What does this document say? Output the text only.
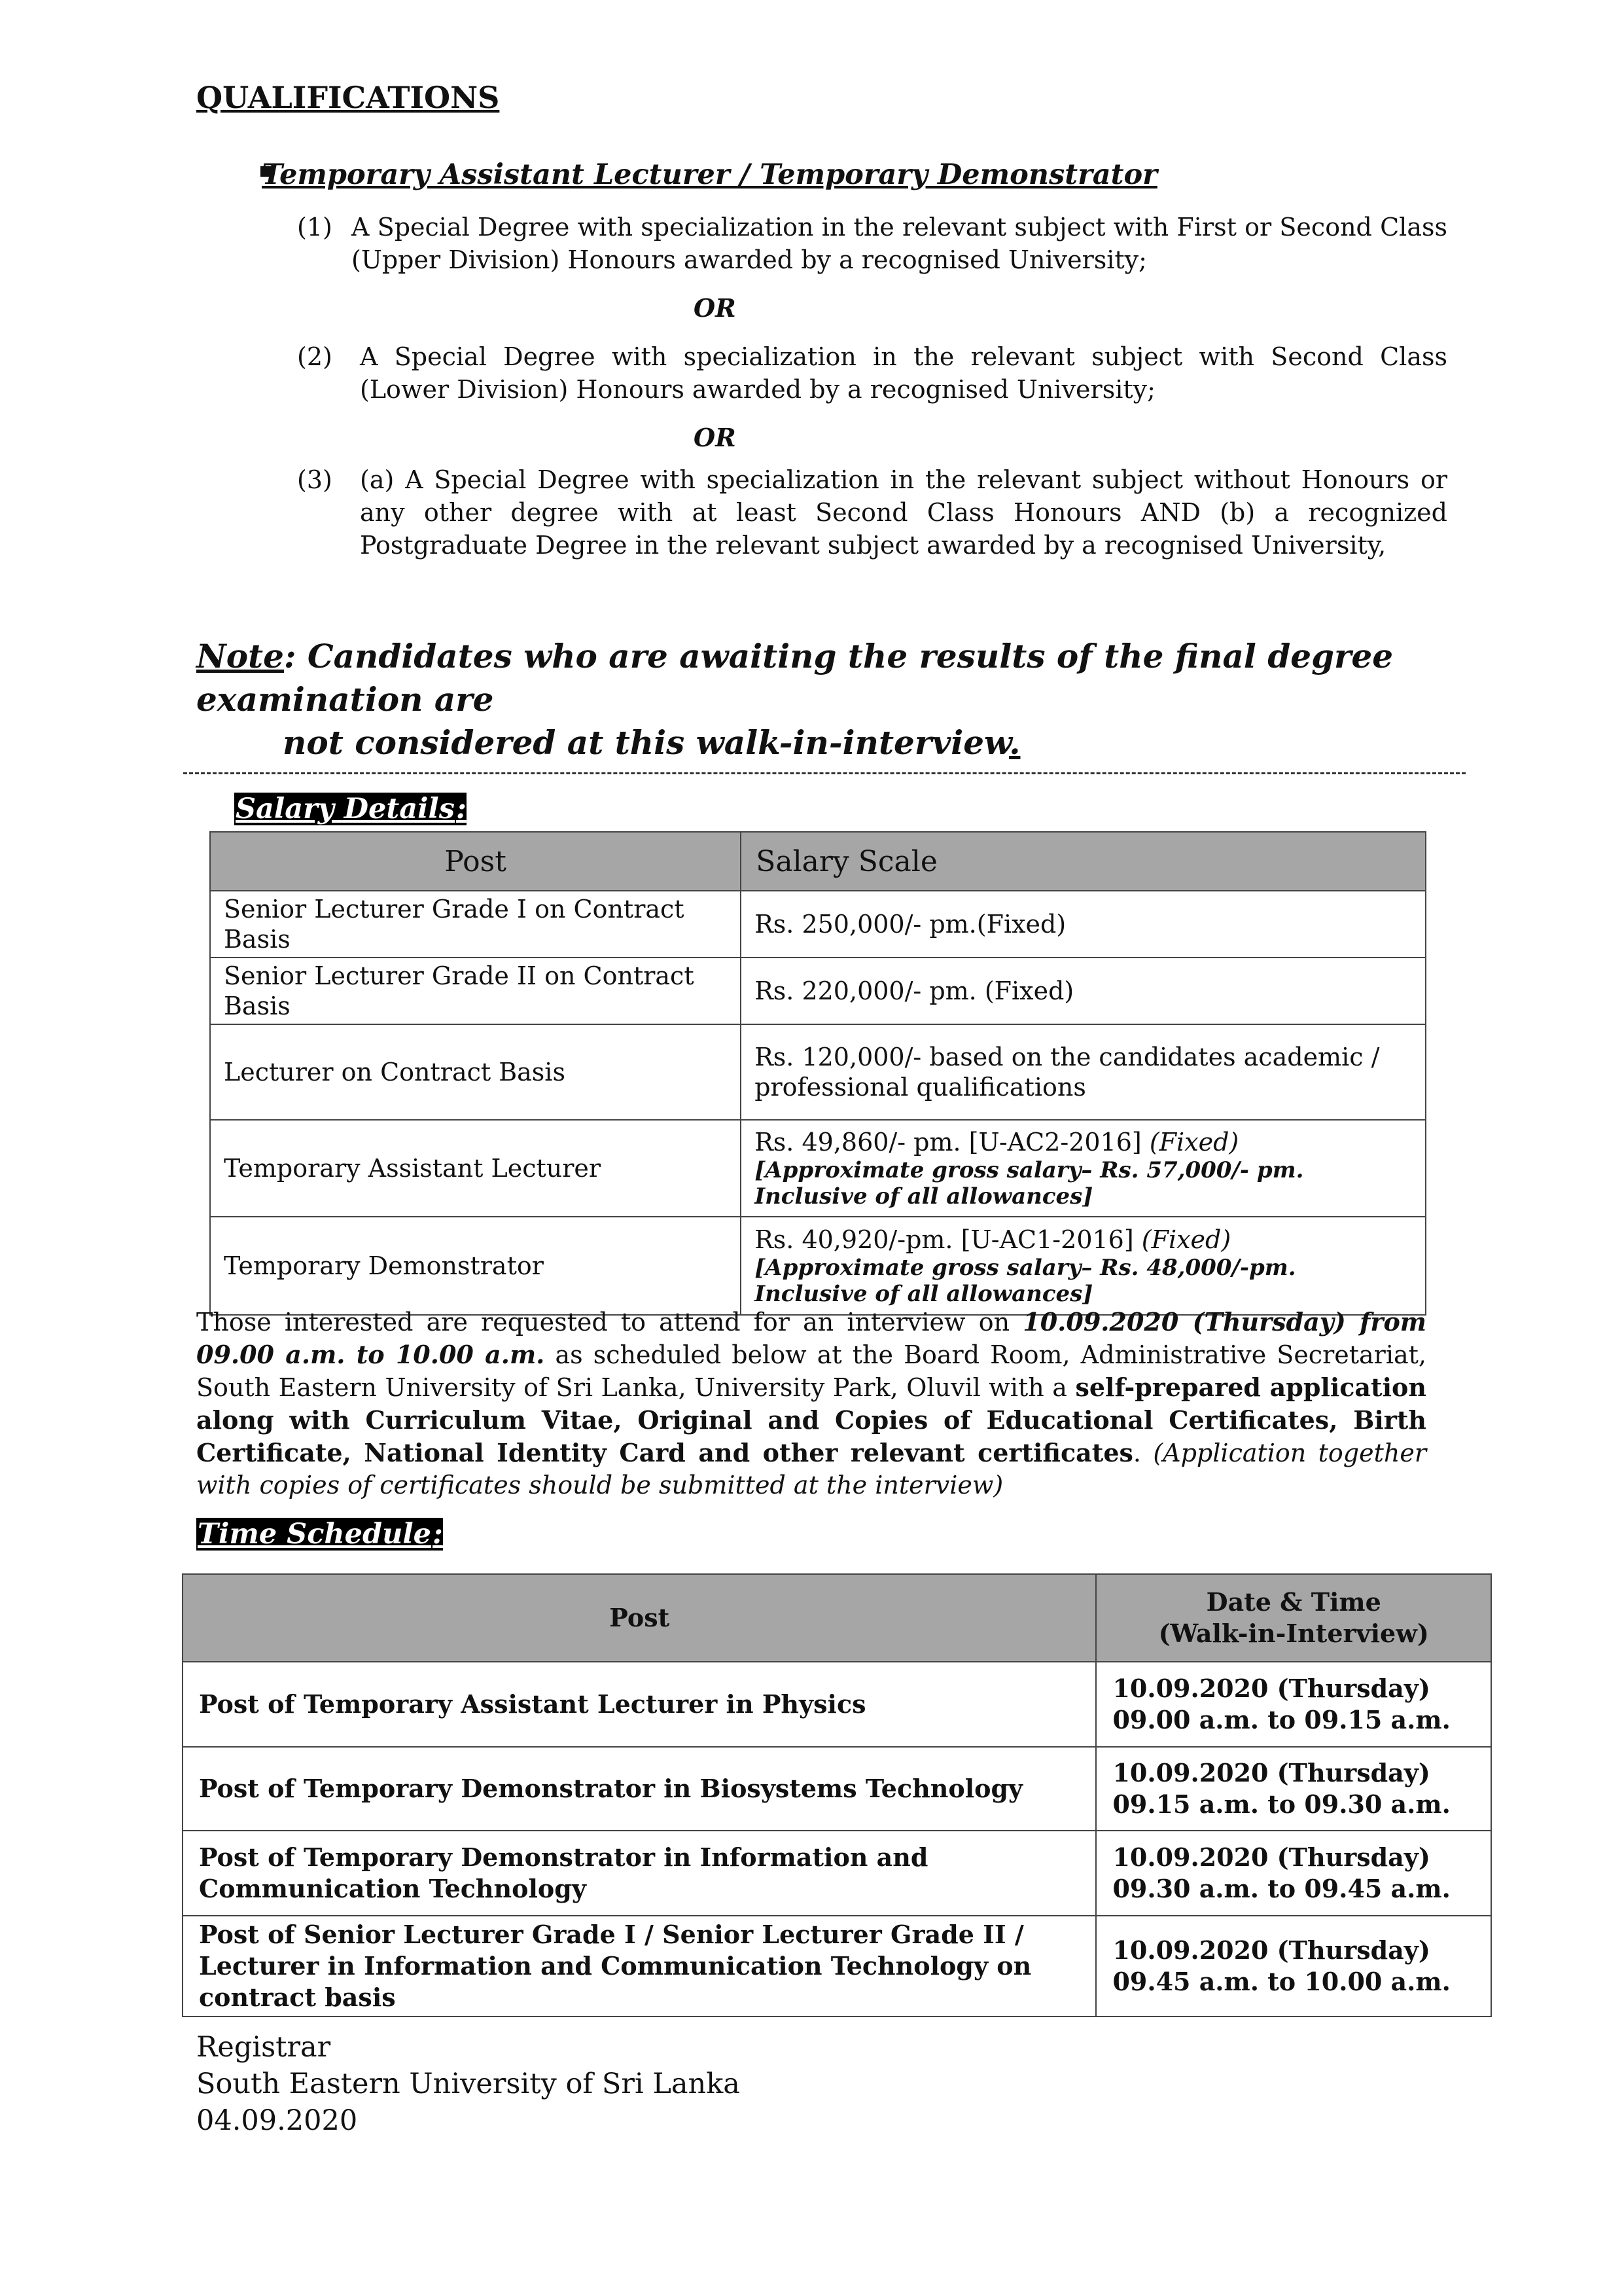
QUALIFICATIONS
Temporary Assistant Lecturer / Temporary Demonstrator
(1) A Special Degree with specialization in the relevant subject with First or Second Class (Upper Division) Honours awarded by a recognised University;
OR
(2) A Special Degree with specialization in the relevant subject with Second Class (Lower Division) Honours awarded by a recognised University;
OR
(3) (a) A Special Degree with specialization in the relevant subject without Honours or any other degree with at least Second Class Honours AND (b) a recognized Postgraduate Degree in the relevant subject awarded by a recognised University,
Note: Candidates who are awaiting the results of the final degree examination are
not considered at this walk-in-interview.
Salary Details:
Post	Salary Scale
Senior Lecturer Grade I on Contract Basis	Rs. 250,000/- pm.(Fixed)
Senior Lecturer Grade II on Contract Basis	Rs. 220,000/- pm. (Fixed)
Lecturer on Contract Basis	Rs. 120,000/- based on the candidates academic / professional qualifications
Temporary Assistant Lecturer	Rs. 49,860/- pm. [U-AC2-2016] (Fixed)
[Approximate gross salary– Rs. 57,000/- pm. Inclusive of all allowances]

Temporary Demonstrator	Rs. 40,920/-pm. [U-AC1-2016] (Fixed)
[Approximate gross salary– Rs. 48,000/-pm. Inclusive of all allowances]
Those interested are requested to attend for an interview on 10.09.2020 (Thursday) from 09.00 a.m. to 10.00 a.m. as scheduled below at the Board Room, Administrative Secretariat, South Eastern University of Sri Lanka, University Park, Oluvil with a self-prepared application along with Curriculum Vitae, Original and Copies of Educational Certificates, Birth Certificate, National Identity Card and other relevant certificates. (Application together with copies of certificates should be submitted at the interview)
Time Schedule:
Post	Date & Time
(Walk-in-Interview)

Post of Temporary Assistant Lecturer in Physics	10.09.2020 (Thursday)
09.00 a.m. to 09.15 a.m.

Post of Temporary Demonstrator in Biosystems Technology	10.09.2020 (Thursday)
09.15 a.m. to 09.30 a.m.

Post of Temporary Demonstrator in Information and Communication Technology	10.09.2020 (Thursday)
09.30 a.m. to 09.45 a.m.

Post of Senior Lecturer Grade I / Senior Lecturer Grade II / Lecturer in Information and Communication Technology on contract basis	10.09.2020 (Thursday)
09.45 a.m. to 10.00 a.m.
Registrar
South Eastern University of Sri Lanka
04.09.2020
